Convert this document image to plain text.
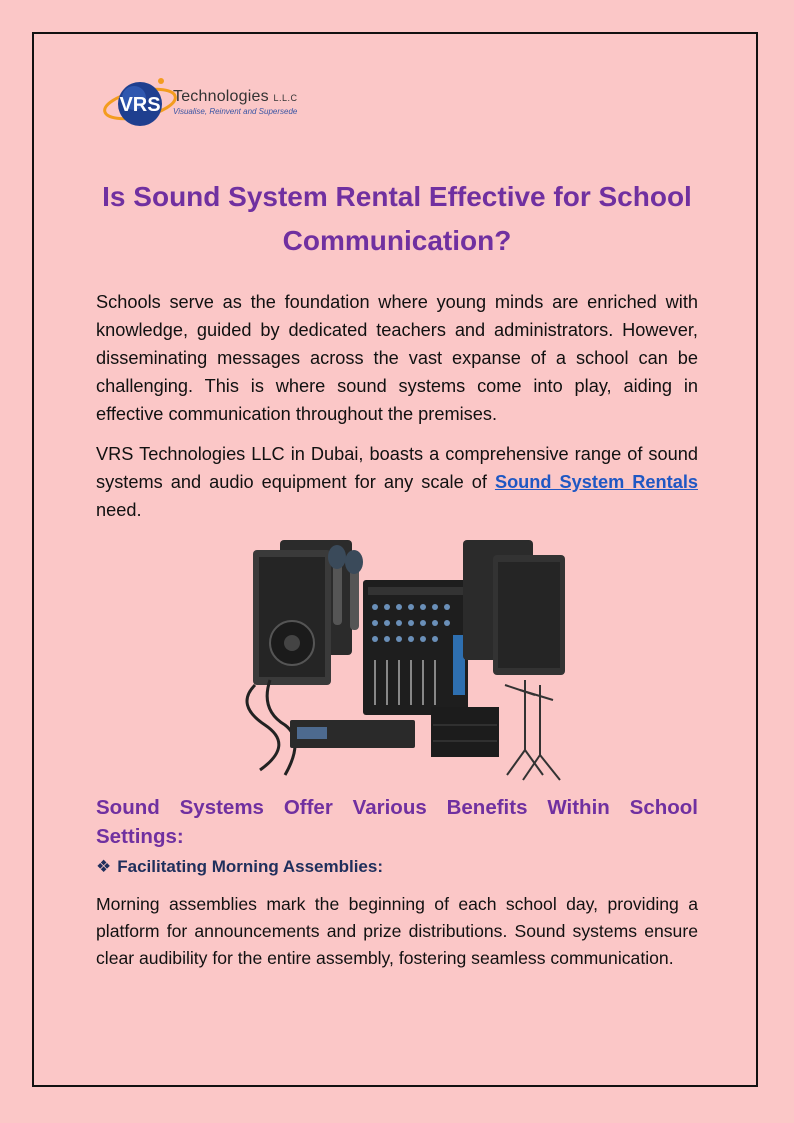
VRS Technologies L.L.C
Visualise, Reinvent and Supersede
Is Sound System Rental Effective for School Communication?
Schools serve as the foundation where young minds are enriched with knowledge, guided by dedicated teachers and administrators. However, disseminating messages across the vast expanse of a school can be challenging. This is where sound systems come into play, aiding in effective communication throughout the premises.
VRS Technologies LLC in Dubai, boasts a comprehensive range of sound systems and audio equipment for any scale of Sound System Rentals need.
Sound Systems Offer Various Benefits Within School Settings:
❖ Facilitating Morning Assemblies:
Morning assemblies mark the beginning of each school day, providing a platform for announcements and prize distributions. Sound systems ensure clear audibility for the entire assembly, fostering seamless communication.
